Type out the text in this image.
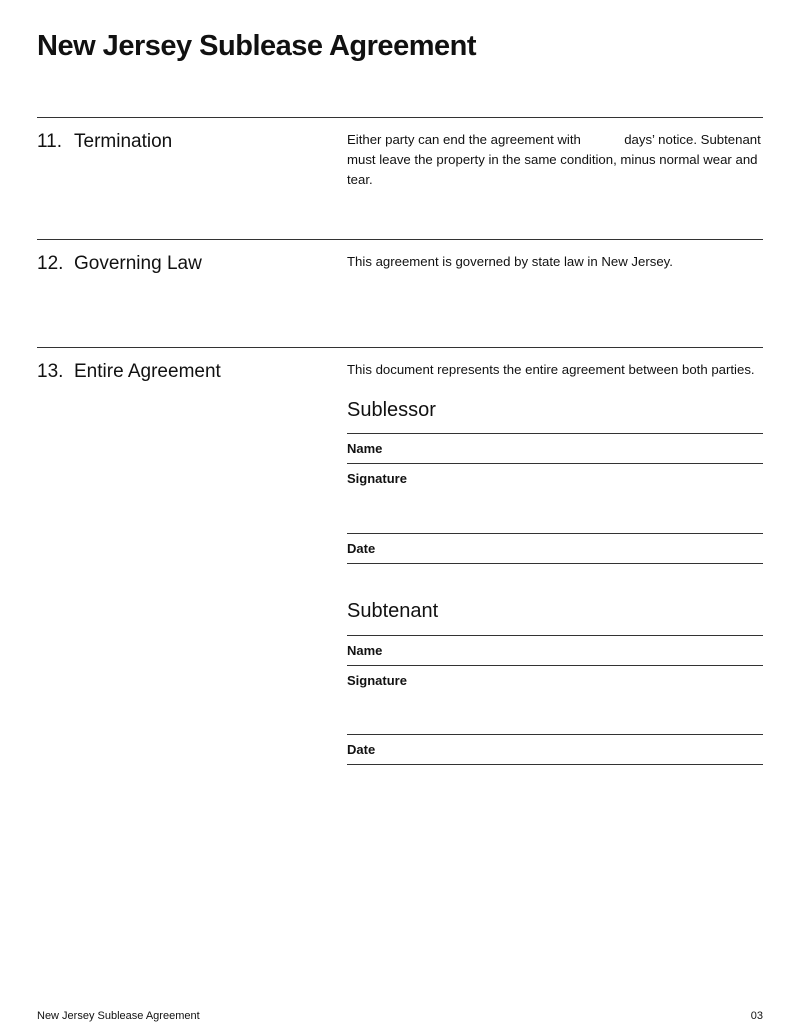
New Jersey Sublease Agreement
11. Termination	Either party can end the agreement with	days’ notice. Subtenant must leave the property in the same condition, minus normal wear and tear.
12. Governing Law	This agreement is governed by state law in New Jersey.
13. Entire Agreement	This document represents the entire agreement between both parties.
Sublessor
Name
Signature
Date
Subtenant
Name
Signature
Date
New Jersey Sublease Agreement	03
